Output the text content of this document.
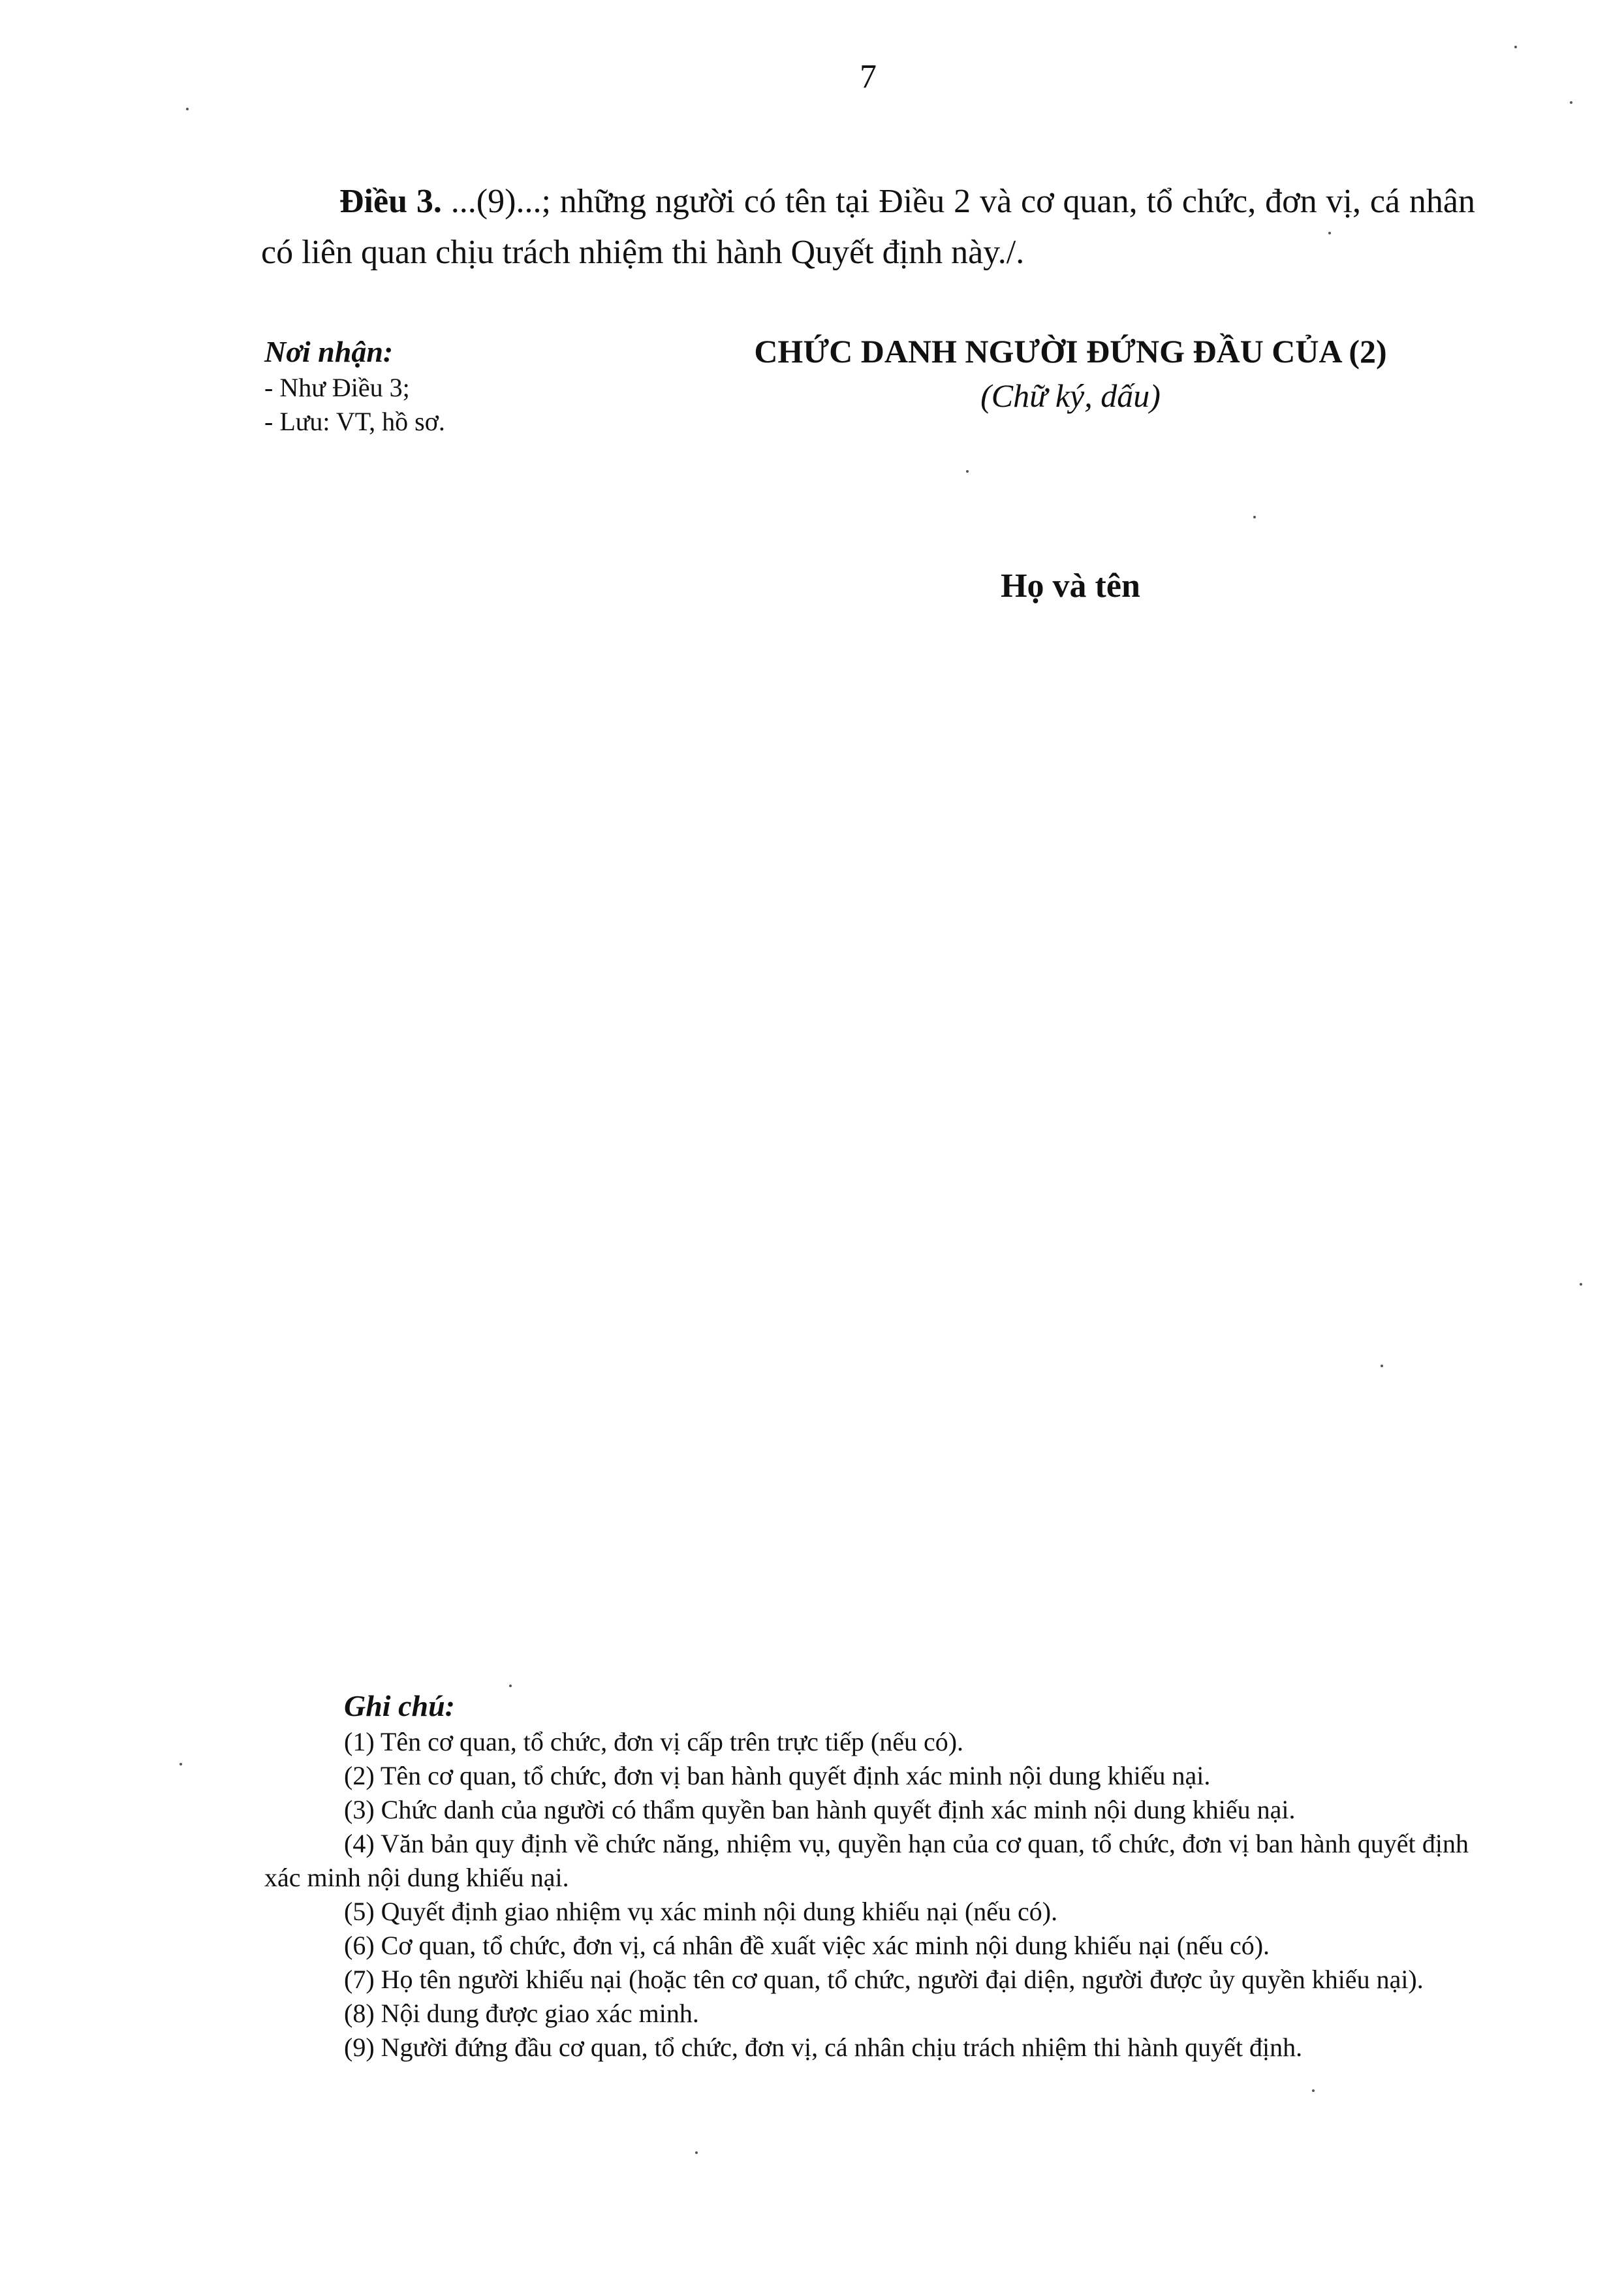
7

Điều 3. ...(9)...; những người có tên tại Điều 2 và cơ quan, tổ chức, đơn vị, cá nhân có liên quan chịu trách nhiệm thi hành Quyết định này./.

Nơi nhận:
- Như Điều 3;
- Lưu: VT, hồ sơ.
CHỨC DANH NGƯỜI ĐỨNG ĐẦU CỦA (2)
(Chữ ký, dấu)
Họ và tên
Ghi chú:
(1) Tên cơ quan, tổ chức, đơn vị cấp trên trực tiếp (nếu có).
(2) Tên cơ quan, tổ chức, đơn vị ban hành quyết định xác minh nội dung khiếu nại.
(3) Chức danh của người có thẩm quyền ban hành quyết định xác minh nội dung khiếu nại.
(4) Văn bản quy định về chức năng, nhiệm vụ, quyền hạn của cơ quan, tổ chức, đơn vị ban hành quyết định xác minh nội dung khiếu nại.
(5) Quyết định giao nhiệm vụ xác minh nội dung khiếu nại (nếu có).
(6) Cơ quan, tổ chức, đơn vị, cá nhân đề xuất việc xác minh nội dung khiếu nại (nếu có).
(7) Họ tên người khiếu nại (hoặc tên cơ quan, tổ chức, người đại diện, người được ủy quyền khiếu nại).
(8) Nội dung được giao xác minh.
(9) Người đứng đầu cơ quan, tổ chức, đơn vị, cá nhân chịu trách nhiệm thi hành quyết định.
